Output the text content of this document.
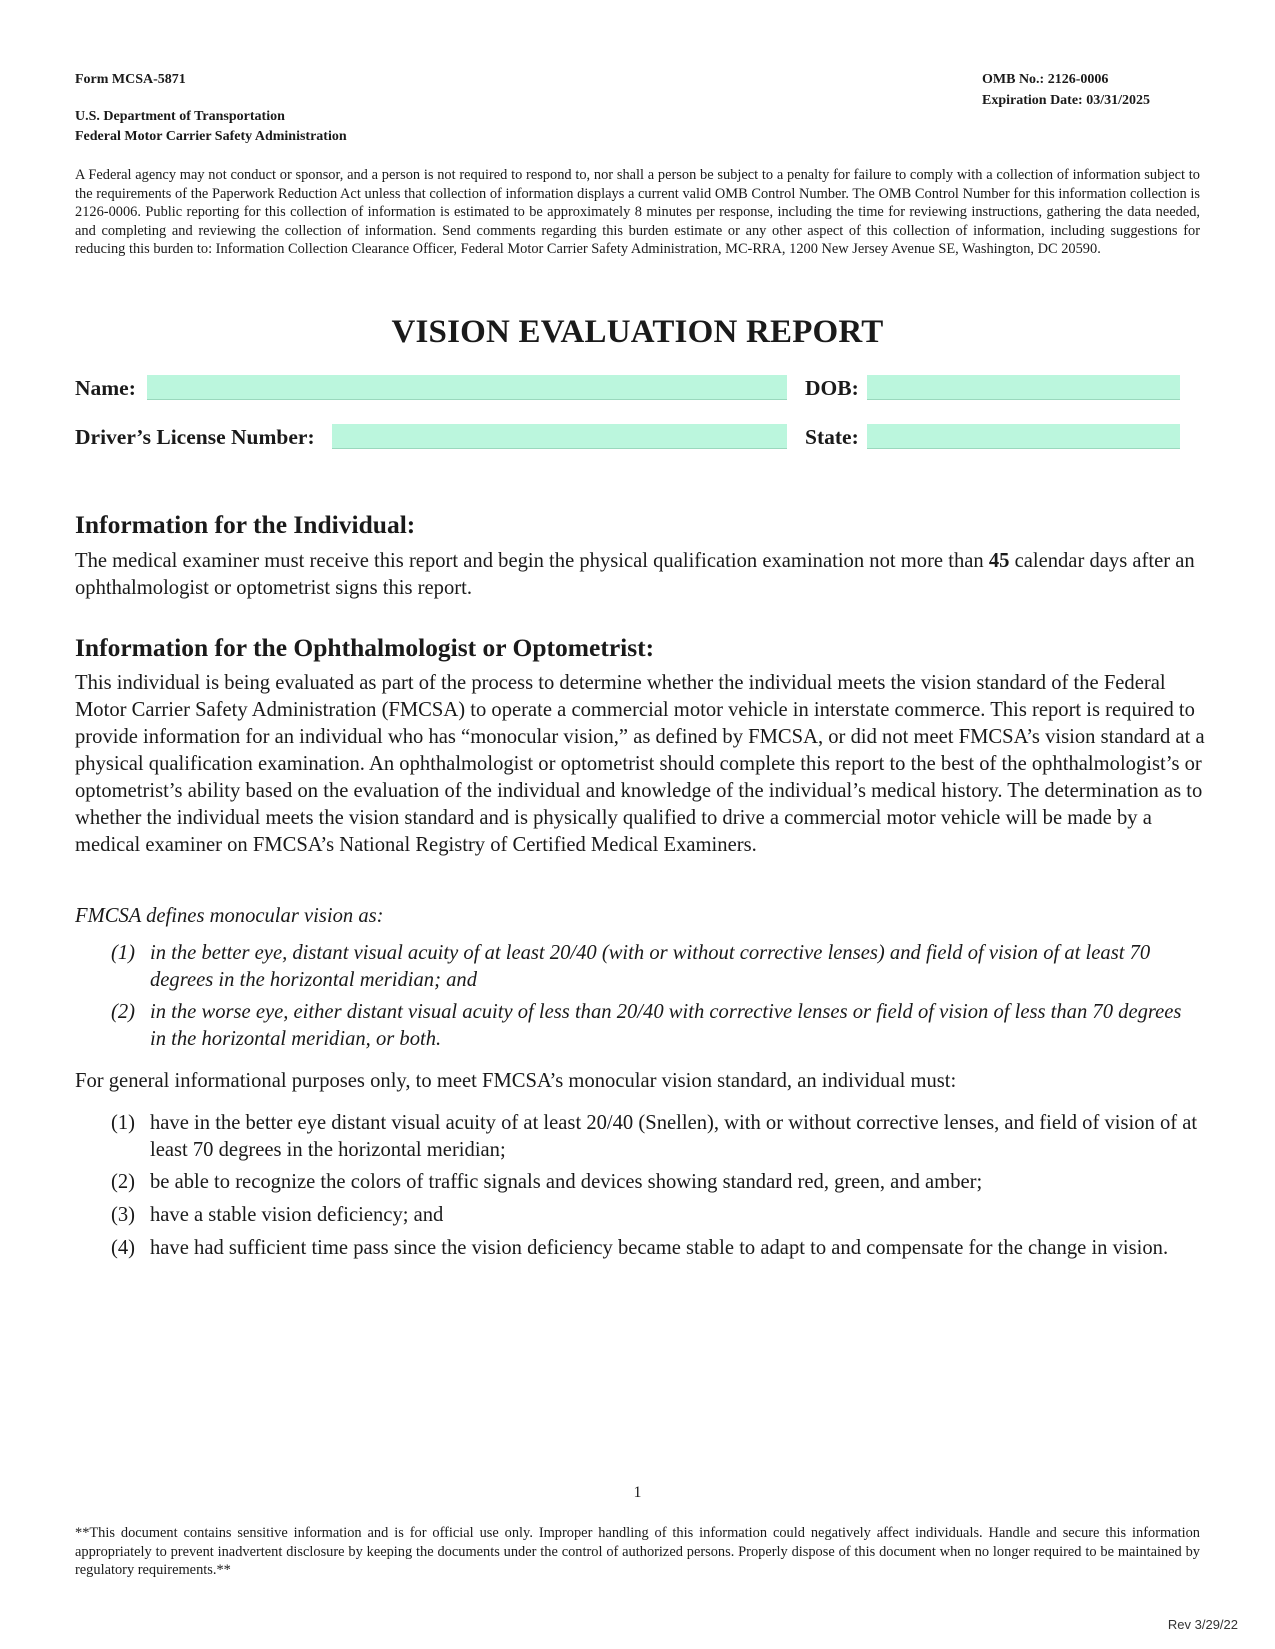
Form MCSA-5871	OMB No.: 2126-0006
Expiration Date: 03/31/2025
U.S. Department of Transportation
Federal Motor Carrier Safety Administration
A Federal agency may not conduct or sponsor, and a person is not required to respond to, nor shall a person be subject to a penalty for failure to comply with a collection of information subject to the requirements of the Paperwork Reduction Act unless that collection of information displays a current valid OMB Control Number. The OMB Control Number for this information collection is 2126-0006. Public reporting for this collection of information is estimated to be approximately 8 minutes per response, including the time for reviewing instructions, gathering the data needed, and completing and reviewing the collection of information. Send comments regarding this burden estimate or any other aspect of this collection of information, including suggestions for reducing this burden to: Information Collection Clearance Officer, Federal Motor Carrier Safety Administration, MC-RRA, 1200 New Jersey Avenue SE, Washington, DC 20590.
VISION EVALUATION REPORT
Name:	DOB:
Driver’s License Number:	State:
Information for the Individual:
The medical examiner must receive this report and begin the physical qualification examination not more than 45 calendar days after an ophthalmologist or optometrist signs this report.
Information for the Ophthalmologist or Optometrist:
This individual is being evaluated as part of the process to determine whether the individual meets the vision standard of the Federal Motor Carrier Safety Administration (FMCSA) to operate a commercial motor vehicle in interstate commerce. This report is required to provide information for an individual who has “monocular vision,” as defined by FMCSA, or did not meet FMCSA’s vision standard at a physical qualification examination. An ophthalmologist or optometrist should complete this report to the best of the ophthalmologist’s or optometrist’s ability based on the evaluation of the individual and knowledge of the individual’s medical history. The determination as to whether the individual meets the vision standard and is physically qualified to drive a commercial motor vehicle will be made by a medical examiner on FMCSA’s National Registry of Certified Medical Examiners.
FMCSA defines monocular vision as:
(1) in the better eye, distant visual acuity of at least 20/40 (with or without corrective lenses) and field of vision of at least 70 degrees in the horizontal meridian; and
(2) in the worse eye, either distant visual acuity of less than 20/40 with corrective lenses or field of vision of less than 70 degrees in the horizontal meridian, or both.
For general informational purposes only, to meet FMCSA’s monocular vision standard, an individual must:
(1) have in the better eye distant visual acuity of at least 20/40 (Snellen), with or without corrective lenses, and field of vision of at least 70 degrees in the horizontal meridian;
(2) be able to recognize the colors of traffic signals and devices showing standard red, green, and amber;
(3) have a stable vision deficiency; and
(4) have had sufficient time pass since the vision deficiency became stable to adapt to and compensate for the change in vision.
1
**This document contains sensitive information and is for official use only. Improper handling of this information could negatively affect individuals. Handle and secure this information appropriately to prevent inadvertent disclosure by keeping the documents under the control of authorized persons. Properly dispose of this document when no longer required to be maintained by regulatory requirements.**
Rev 3/29/22
